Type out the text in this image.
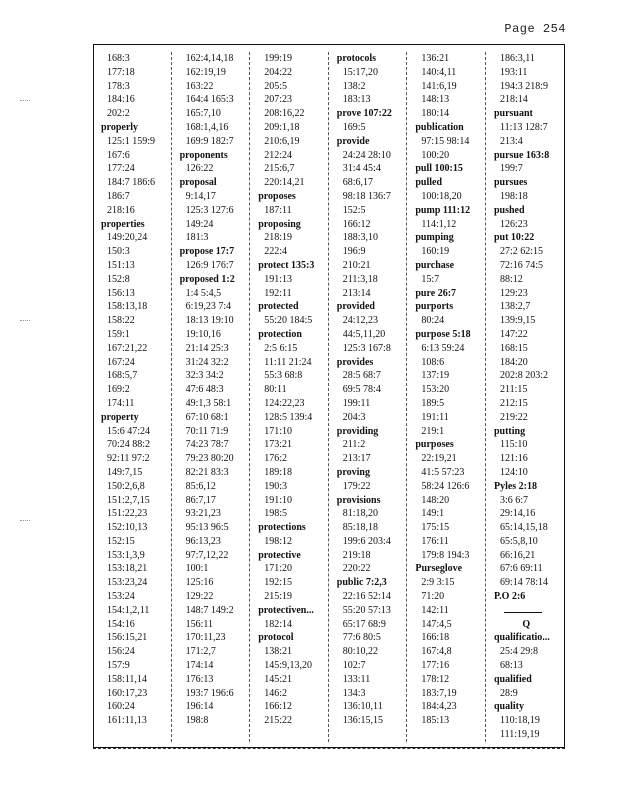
Page 254
168:3
177:18
178:3
184:16
202:2
properly
125:1 159:9
167:6
177:24
184:7 186:6
186:7
218:16
properties
149:20,24
150:3
151:13
152:8
156:13
158:13,18
158:22
159:1
167:21,22
167:24
168:5,7
169:2
174:11
property
15:6 47:24
70:24 88:2
92:11 97:2
149:7,15
150:2,6,8
151:2,7,15
151:22,23
152:10,13
152:15
153:1,3,9
153:18,21
153:23,24
153:24
154:1,2,11
154:16
156:15,21
156:24
157:9
158:11,14
160:17,23
160:24
161:11,13
162:4,14,18
162:19,19
163:22
164:4 165:3
165:7,10
168:1,4,16
169:9 182:7
proponents
126:22
proposal
9:14,17
125:3 127:6
149:24
181:3
propose 17:7
126:9 176:7
proposed 1:2
1:4 5:4,5
6:19,23 7:4
18:13 19:10
19:10,16
21:14 25:3
31:24 32:2
32:3 34:2
47:6 48:3
49:1,3 58:1
67:10 68:1
70:11 71:9
74:23 78:7
79:23 80:20
82:21 83:3
85:6,12
86:7,17
93:21,23
95:13 96:5
96:13,23
97:7,12,22
100:1
125:16
129:22
148:7 149:2
156:11
170:11,23
171:2,7
174:14
176:13
193:7 196:6
196:14
198:8
199:19
204:22
205:5
207:23
208:16,22
209:1,18
210:6,19
212:24
215:6,7
220:14,21
proposes
187:11
proposing
218:19
222:4
protect 135:3
191:13
192:11
protected
55:20 184:5
protection
2:5 6:15
11:11 21:24
55:3 68:8
80:11
124:22,23
128:5 139:4
171:10
173:21
176:2
189:18
190:3
191:10
198:5
protections
198:12
protective
171:20
192:15
215:19
protectiven...
182:14
protocol
138:21
145:9,13,20
145:21
146:2
166:12
215:22
protocols
15:17,20
138:2
183:13
prove 107:22
169:5
provide
24:24 28:10
31:4 45:4
68:6,17
98:18 136:7
152:5
166:12
188:3,10
196:9
210:21
211:3,18
213:14
provided
24:12,23
44:5,11,20
125:3 167:8
provides
28:5 68:7
69:5 78:4
199:11
204:3
providing
211:2
213:17
proving
179:22
provisions
81:18,20
85:18,18
199:6 203:4
219:18
220:22
public 7:2,3
22:16 52:14
55:20 57:13
65:17 68:9
77:6 80:5
80:10,22
102:7
133:11
134:3
136:10,11
136:15,15
136:21
140:4,11
141:6,19
148:13
180:14
publication
97:15 98:14
100:20
pull 100:15
pulled
100:18,20
pump 111:12
114:1,12
pumping
160:19
purchase
15:7
pure 26:7
purports
80:24
purpose 5:18
6:13 59:24
108:6
137:19
153:20
189:5
191:11
219:1
purposes
22:19,21
41:5 57:23
58:24 126:6
148:20
149:1
175:15
176:11
179:8 194:3
Purseglove
2:9 3:15
71:20
142:11
147:4,5
166:18
167:4,8
177:16
178:12
183:7,19
184:4,23
185:13
186:3,11
193:11
194:3 218:9
218:14
pursuant
11:13 128:7
213:4
pursue 163:8
199:7
pursues
198:18
pushed
126:23
put 10:22
27:2 62:15
72:16 74:5
88:12
129:23
138:2,7
139:9,15
147:22
168:15
184:20
202:8 203:2
211:15
212:15
219:22
putting
115:10
121:16
124:10
Pyles 2:18
3:6 6:7
29:14,16
65:14,15,18
65:5,8,10
66:16,21
67:6 69:11
69:14 78:14
P.O 2:6
Q
qualificatio...
25:4 29:8
68:13
qualified
28:9
quality
110:18,19
111:19,19
